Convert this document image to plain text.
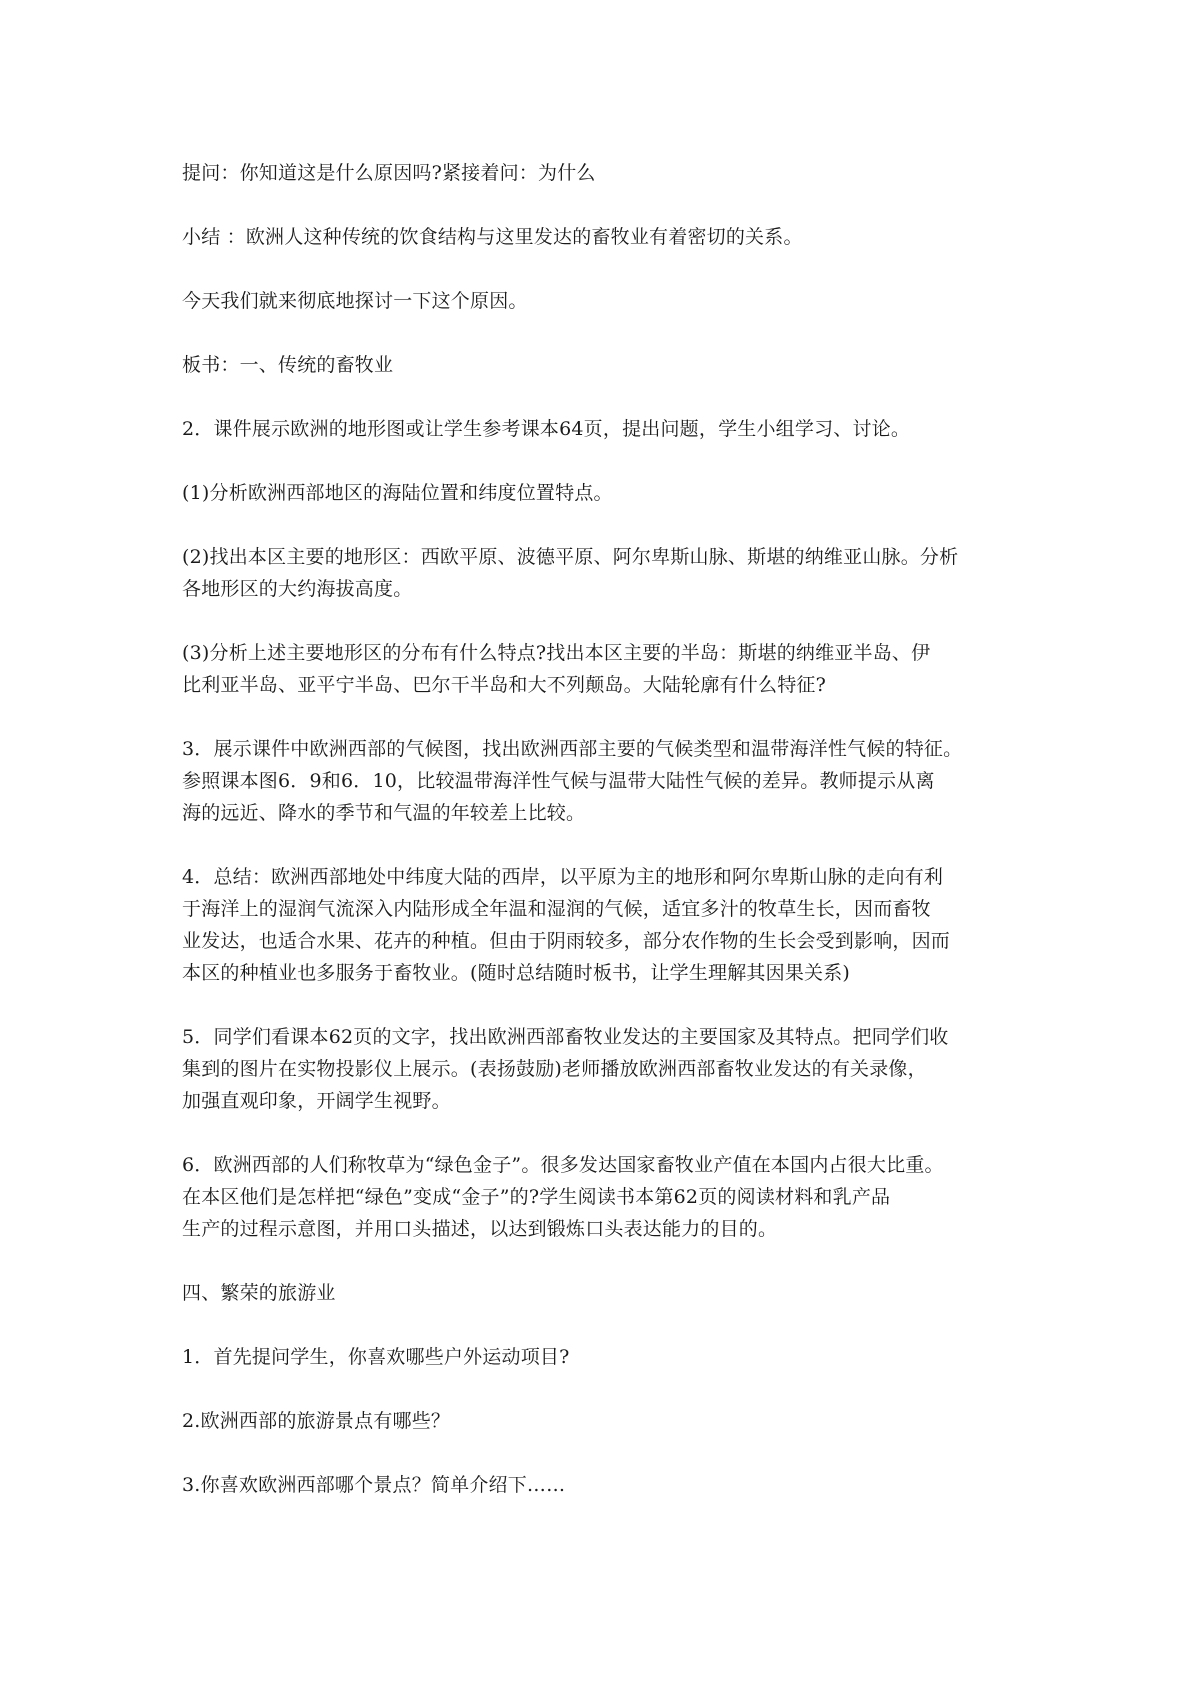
提问：你知道这是什么原因吗?紧接着问：为什么

小结 ：欧洲人这种传统的饮食结构与这里发达的畜牧业有着密切的关系。

今天我们就来彻底地探讨一下这个原因。

板书：一、传统的畜牧业

2．课件展示欧洲的地形图或让学生参考课本64页，提出问题，学生小组学习、讨论。

(1)分析欧洲西部地区的海陆位置和纬度位置特点。

(2)找出本区主要的地形区：西欧平原、波德平原、阿尔卑斯山脉、斯堪的纳维亚山脉。分析
各地形区的大约海拔高度。

(3)分析上述主要地形区的分布有什么特点?找出本区主要的半岛：斯堪的纳维亚半岛、伊
比利亚半岛、亚平宁半岛、巴尔干半岛和大不列颠岛。大陆轮廓有什么特征?

3．展示课件中欧洲西部的气候图，找出欧洲西部主要的气候类型和温带海洋性气候的特征。
参照课本图6．9和6．10，比较温带海洋性气候与温带大陆性气候的差异。教师提示从离
海的远近、降水的季节和气温的年较差上比较。

4．总结：欧洲西部地处中纬度大陆的西岸，以平原为主的地形和阿尔卑斯山脉的走向有利
于海洋上的湿润气流深入内陆形成全年温和湿润的气候，适宜多汁的牧草生长，因而畜牧
业发达，也适合水果、花卉的种植。但由于阴雨较多，部分农作物的生长会受到影响，因而
本区的种植业也多服务于畜牧业。(随时总结随时板书，让学生理解其因果关系)

5．同学们看课本62页的文字，找出欧洲西部畜牧业发达的主要国家及其特点。把同学们收
集到的图片在实物投影仪上展示。(表扬鼓励)老师播放欧洲西部畜牧业发达的有关录像，
加强直观印象，开阔学生视野。

6．欧洲西部的人们称牧草为“绿色金子”。很多发达国家畜牧业产值在本国内占很大比重。
在本区他们是怎样把“绿色”变成“金子”的?学生阅读书本第62页的阅读材料和乳产品
生产的过程示意图，并用口头描述，以达到锻炼口头表达能力的目的。

四、繁荣的旅游业

1．首先提问学生，你喜欢哪些户外运动项目?

2.欧洲西部的旅游景点有哪些？

3.你喜欢欧洲西部哪个景点？简单介绍下……
